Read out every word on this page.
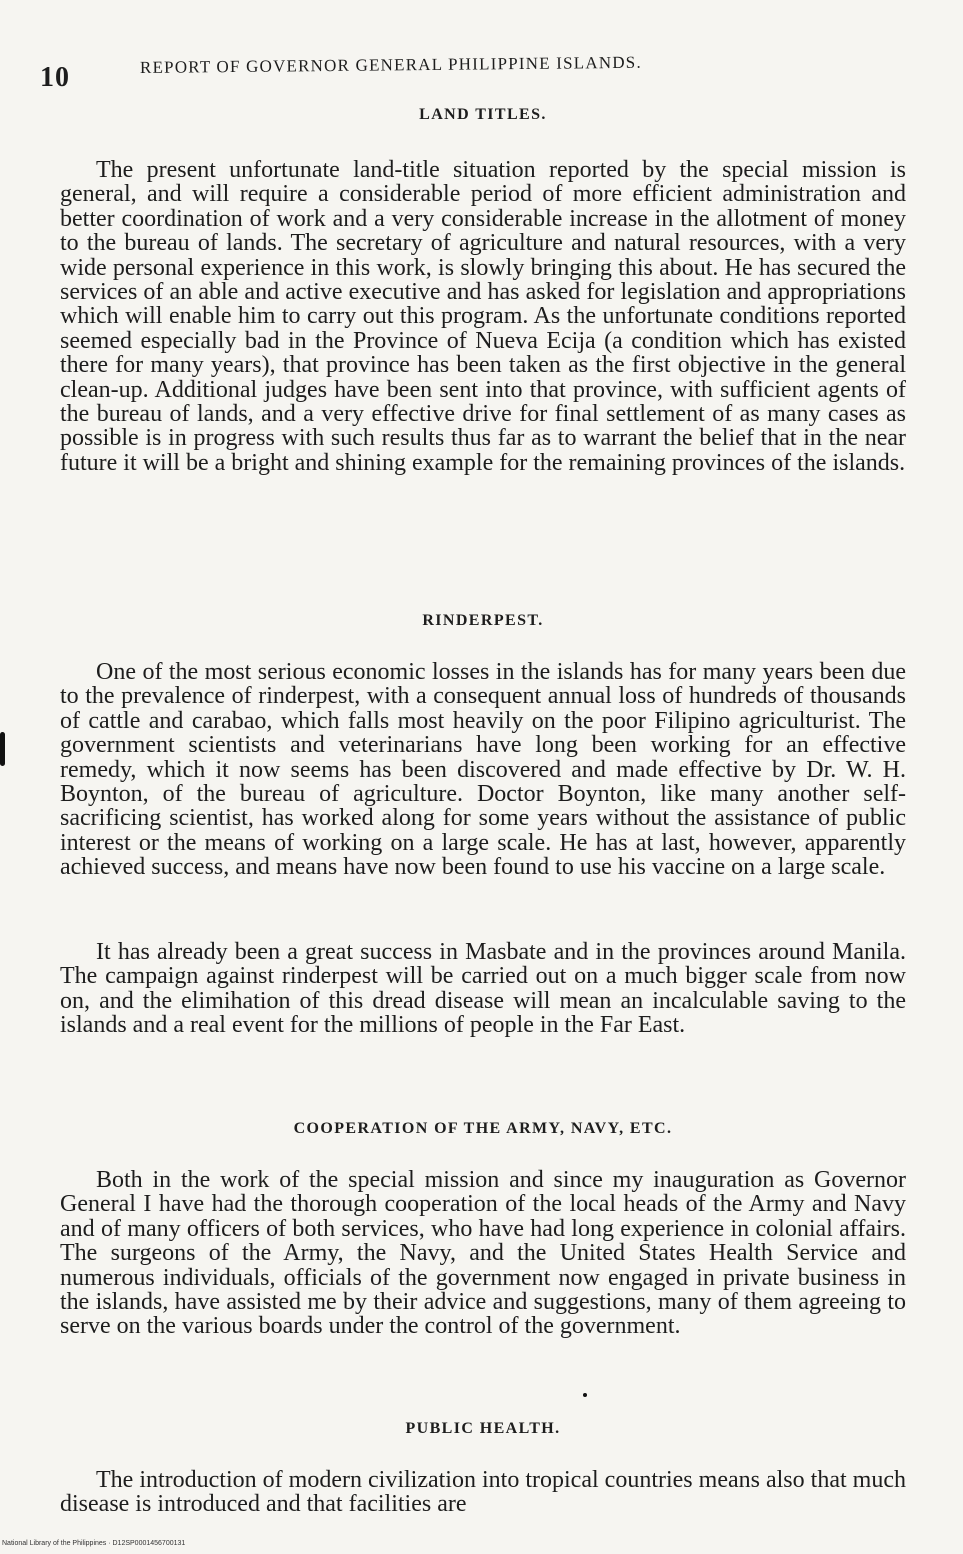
10	REPORT OF GOVERNOR GENERAL PHILIPPINE ISLANDS.
LAND TITLES.

The present unfortunate land-title situation reported by the special mission is general, and will require a considerable period of more efficient administration and better coordination of work and a very considerable increase in the allotment of money to the bureau of lands. The secretary of agriculture and natural resources, with a very wide personal experience in this work, is slowly bringing this about. He has secured the services of an able and active executive and has asked for legislation and appropriations which will enable him to carry out this program. As the unfortunate conditions reported seemed especially bad in the Province of Nueva Ecija (a condition which has existed there for many years), that province has been taken as the first objective in the general clean-up. Additional judges have been sent into that province, with sufficient agents of the bureau of lands, and a very effective drive for final settlement of as many cases as possible is in progress with such results thus far as to warrant the belief that in the near future it will be a bright and shining example for the remaining provinces of the islands.

RINDERPEST.

One of the most serious economic losses in the islands has for many years been due to the prevalence of rinderpest, with a consequent annual loss of hundreds of thousands of cattle and carabao, which falls most heavily on the poor Filipino agriculturist. The government scientists and veterinarians have long been working for an effective remedy, which it now seems has been discovered and made effective by Dr. W. H. Boynton, of the bureau of agriculture. Doctor Boynton, like many another self-sacrificing scientist, has worked along for some years without the assistance of public interest or the means of working on a large scale. He has at last, however, apparently achieved success, and means have now been found to use his vaccine on a large scale.

It has already been a great success in Masbate and in the provinces around Manila. The campaign against rinderpest will be carried out on a much bigger scale from now on, and the elimihation of this dread disease will mean an incalculable saving to the islands and a real event for the millions of people in the Far East.

COOPERATION OF THE ARMY, NAVY, ETC.

Both in the work of the special mission and since my inauguration as Governor General I have had the thorough cooperation of the local heads of the Army and Navy and of many officers of both services, who have had long experience in colonial affairs. The surgeons of the Army, the Navy, and the United States Health Service and numerous individuals, officials of the government now engaged in private business in the islands, have assisted me by their advice and suggestions, many of them agreeing to serve on the various boards under the control of the government.

PUBLIC HEALTH.

The introduction of modern civilization into tropical countries means also that much disease is introduced and that facilities are

National Library of the Philippines · D12SP0001456700131
